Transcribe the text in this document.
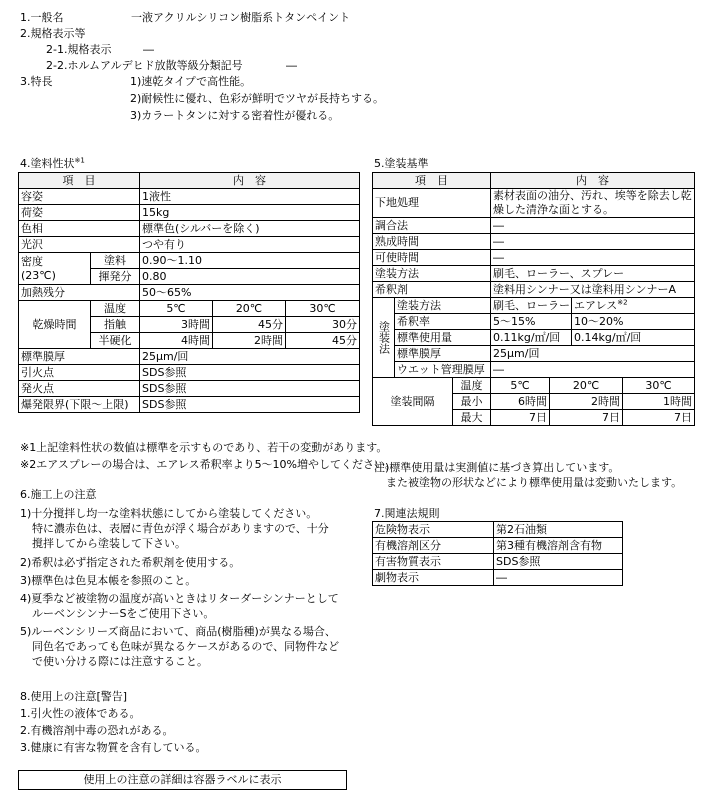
1.一般名	一液アクリルシリコン樹脂系トタンペイント
2.規格表示等
2-1.規格表示	―
2-2.ホルムアルデヒド放散等級分類記号	―
3.特長	1)速乾タイプで高性能。
2)耐候性に優れ、色彩が鮮明でツヤが長持ちする。
3)カラートタンに対する密着性が優れる。
4.塗料性状$^{※1}$
項　目		内　容		
容姿		1液性		
荷姿		15kg		
色相		標準色(シルバーを除く)		
光沢		つや有り		
密度
(23℃)	塗料	0.90～1.10		
	揮発分	0.80		
加熱残分		50～65%		
乾燥時間	温度	5℃	20℃	30℃
	指触	3時間	45分	30分
	半硬化	4時間	2時間	45分
標準膜厚		25μm/回		
引火点		SDS参照		
発火点		SDS参照		
爆発限界(下限～上限)		SDS参照		
※1上記塗料性状の数値は標準を示すものであり、若干の変動があります。
※2エアスプレーの場合は、エアレス希釈率より5～10%増やしてください。
5.塗装基準
項　目			内　容			
下地処理			素材表面の油分、汚れ、埃等を除去し乾燥した清浄な面とする。			
調合法			―			
熟成時間			―			
可使時間			―			
塗装方法			刷毛、ローラー、スプレー			
希釈剤			塗料用シンナー又は塗料用シンナーA			
塗装法	塗装方法		刷毛、ローラー		エアレス$^{※2}$
	希釈率		5～15%		10～20%	
	標準使用量		0.11kg/㎡/回		0.14kg/㎡/回	
	標準膜厚		25μm/回			
	ウエット管理膜厚		―			
塗装間隔		温度	5℃	20℃		30℃
		最小	6時間	2時間		1時間
		最大	7日	7日		7日
注)標準使用量は実測値に基づき算出しています。
また被塗物の形状などにより標準使用量は変動いたします。
6.施工上の注意
1)十分撹拌し均一な塗料状態にしてから塗装してください。
特に濃赤色は、表層に青色が浮く場合がありますので、十分
撹拌してから塗装して下さい。
2)希釈は必ず指定された希釈剤を使用する。
3)標準色は色見本帳を参照のこと。
4)夏季など被塗物の温度が高いときはリターダーシンナーとして
ルーベンシンナーSをご使用下さい。
5)ルーベンシリーズ商品において、商品(樹脂種)が異なる場合、
同色名であっても色味が異なるケースがあるので、同物件など
で使い分ける際には注意すること。
7.関連法規則
危険物表示	第2石油類
有機溶剤区分	第3種有機溶剤含有物
有害物質表示	SDS参照
劇物表示	―
8.使用上の注意[警告]
1.引火性の液体である。
2.有機溶剤中毒の恐れがある。
3.健康に有害な物質を含有している。
使用上の注意の詳細は容器ラベルに表示
